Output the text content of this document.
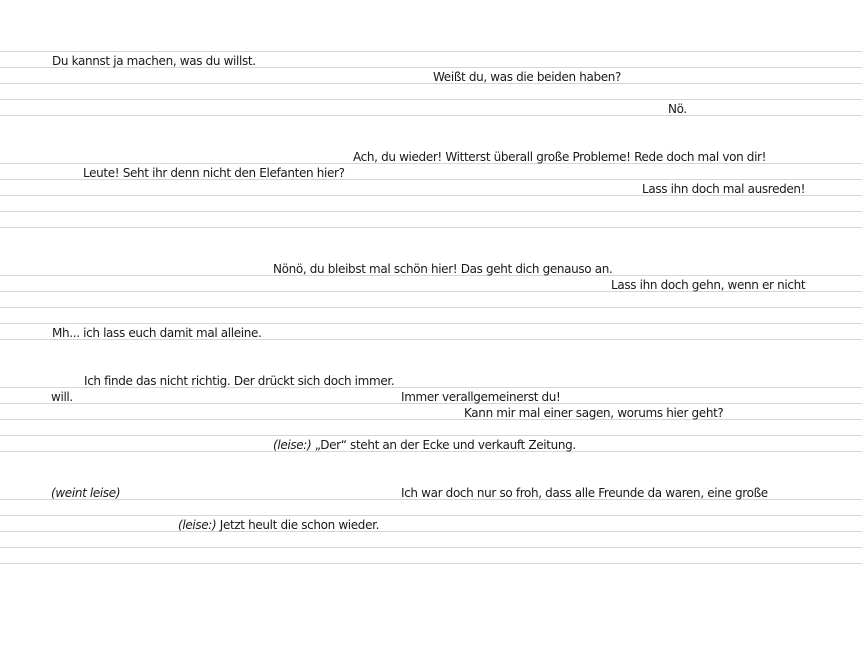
Du kannst ja machen, was du willst.
Weißt du, was die beiden haben?
Nö.
Ach, du wieder! Witterst überall große Probleme! Rede doch mal von dir!
Leute! Seht ihr denn nicht den Elefanten hier?
Lass ihn doch mal ausreden!
Nönö, du bleibst mal schön hier! Das geht dich genauso an.
Lass ihn doch gehn, wenn er nicht
Mh... ich lass euch damit mal alleine.
Ich finde das nicht richtig. Der drückt sich doch immer.
will.	Immer verallgemeinerst du!
Kann mir mal einer sagen, worums hier geht?
(leise:) „Der“ steht an der Ecke und verkauft Zeitung.
(weint leise)	Ich war doch nur so froh, dass alle Freunde da waren, eine große
(leise:) Jetzt heult die schon wieder.
